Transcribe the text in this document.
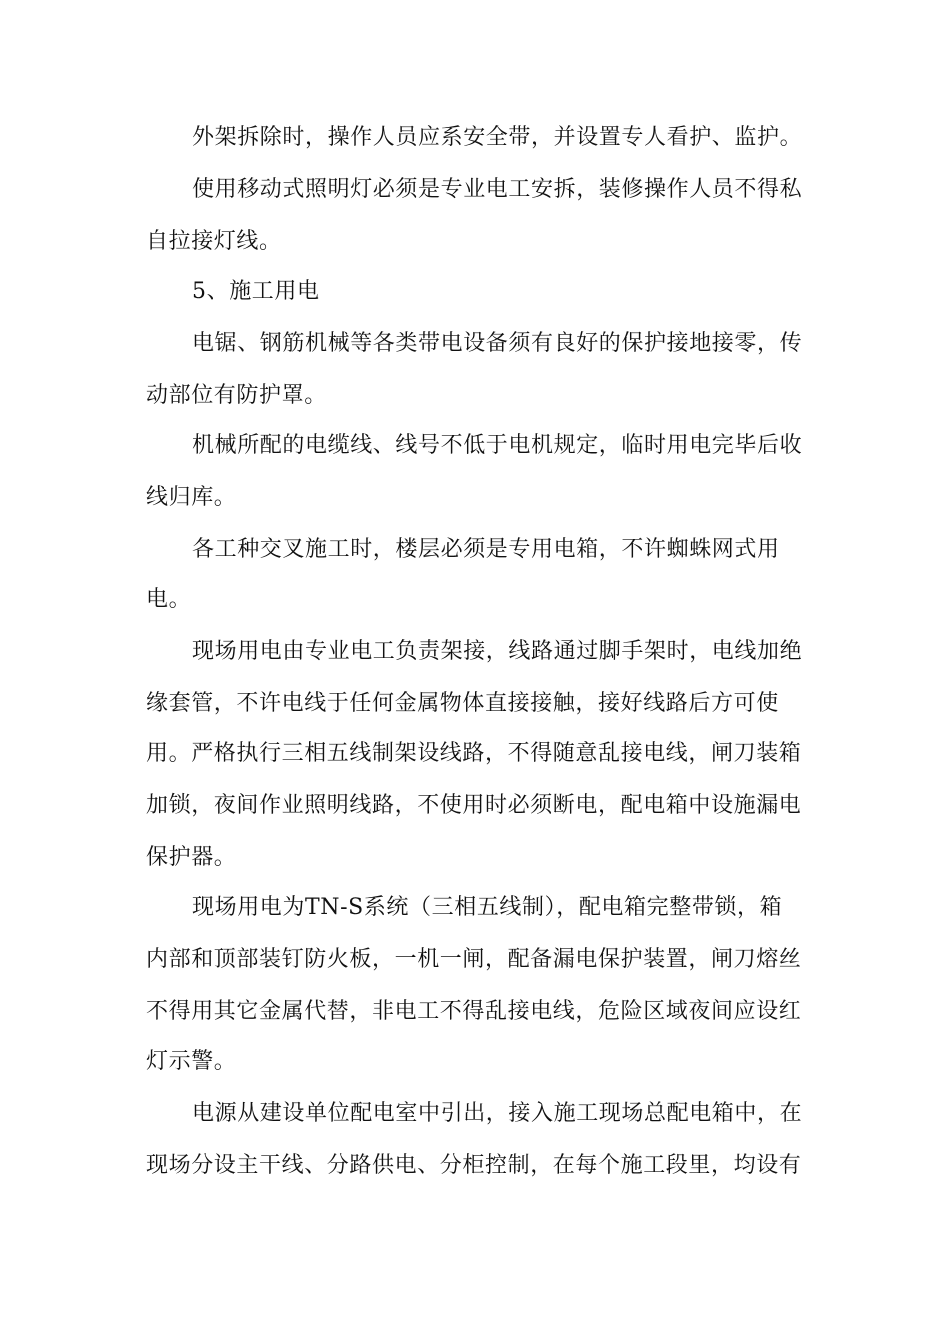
外架拆除时，操作人员应系安全带，并设置专人看护、监护。
使用移动式照明灯必须是专业电工安拆，装修操作人员不得私
自拉接灯线。
5、施工用电
电锯、钢筋机械等各类带电设备须有良好的保护接地接零，传
动部位有防护罩。
机械所配的电缆线、线号不低于电机规定，临时用电完毕后收
线归库。
各工种交叉施工时，楼层必须是专用电箱，不许蜘蛛网式用
电。
现场用电由专业电工负责架接，线路通过脚手架时，电线加绝
缘套管，不许电线于任何金属物体直接接触，接好线路后方可使
用。严格执行三相五线制架设线路，不得随意乱接电线，闸刀装箱
加锁，夜间作业照明线路，不使用时必须断电，配电箱中设施漏电
保护器。
现场用电为TN-S系统（三相五线制），配电箱完整带锁，箱
内部和顶部装钉防火板，一机一闸，配备漏电保护装置，闸刀熔丝
不得用其它金属代替，非电工不得乱接电线，危险区域夜间应设红
灯示警。
电源从建设单位配电室中引出，接入施工现场总配电箱中，在
现场分设主干线、分路供电、分柜控制，在每个施工段里，均设有
